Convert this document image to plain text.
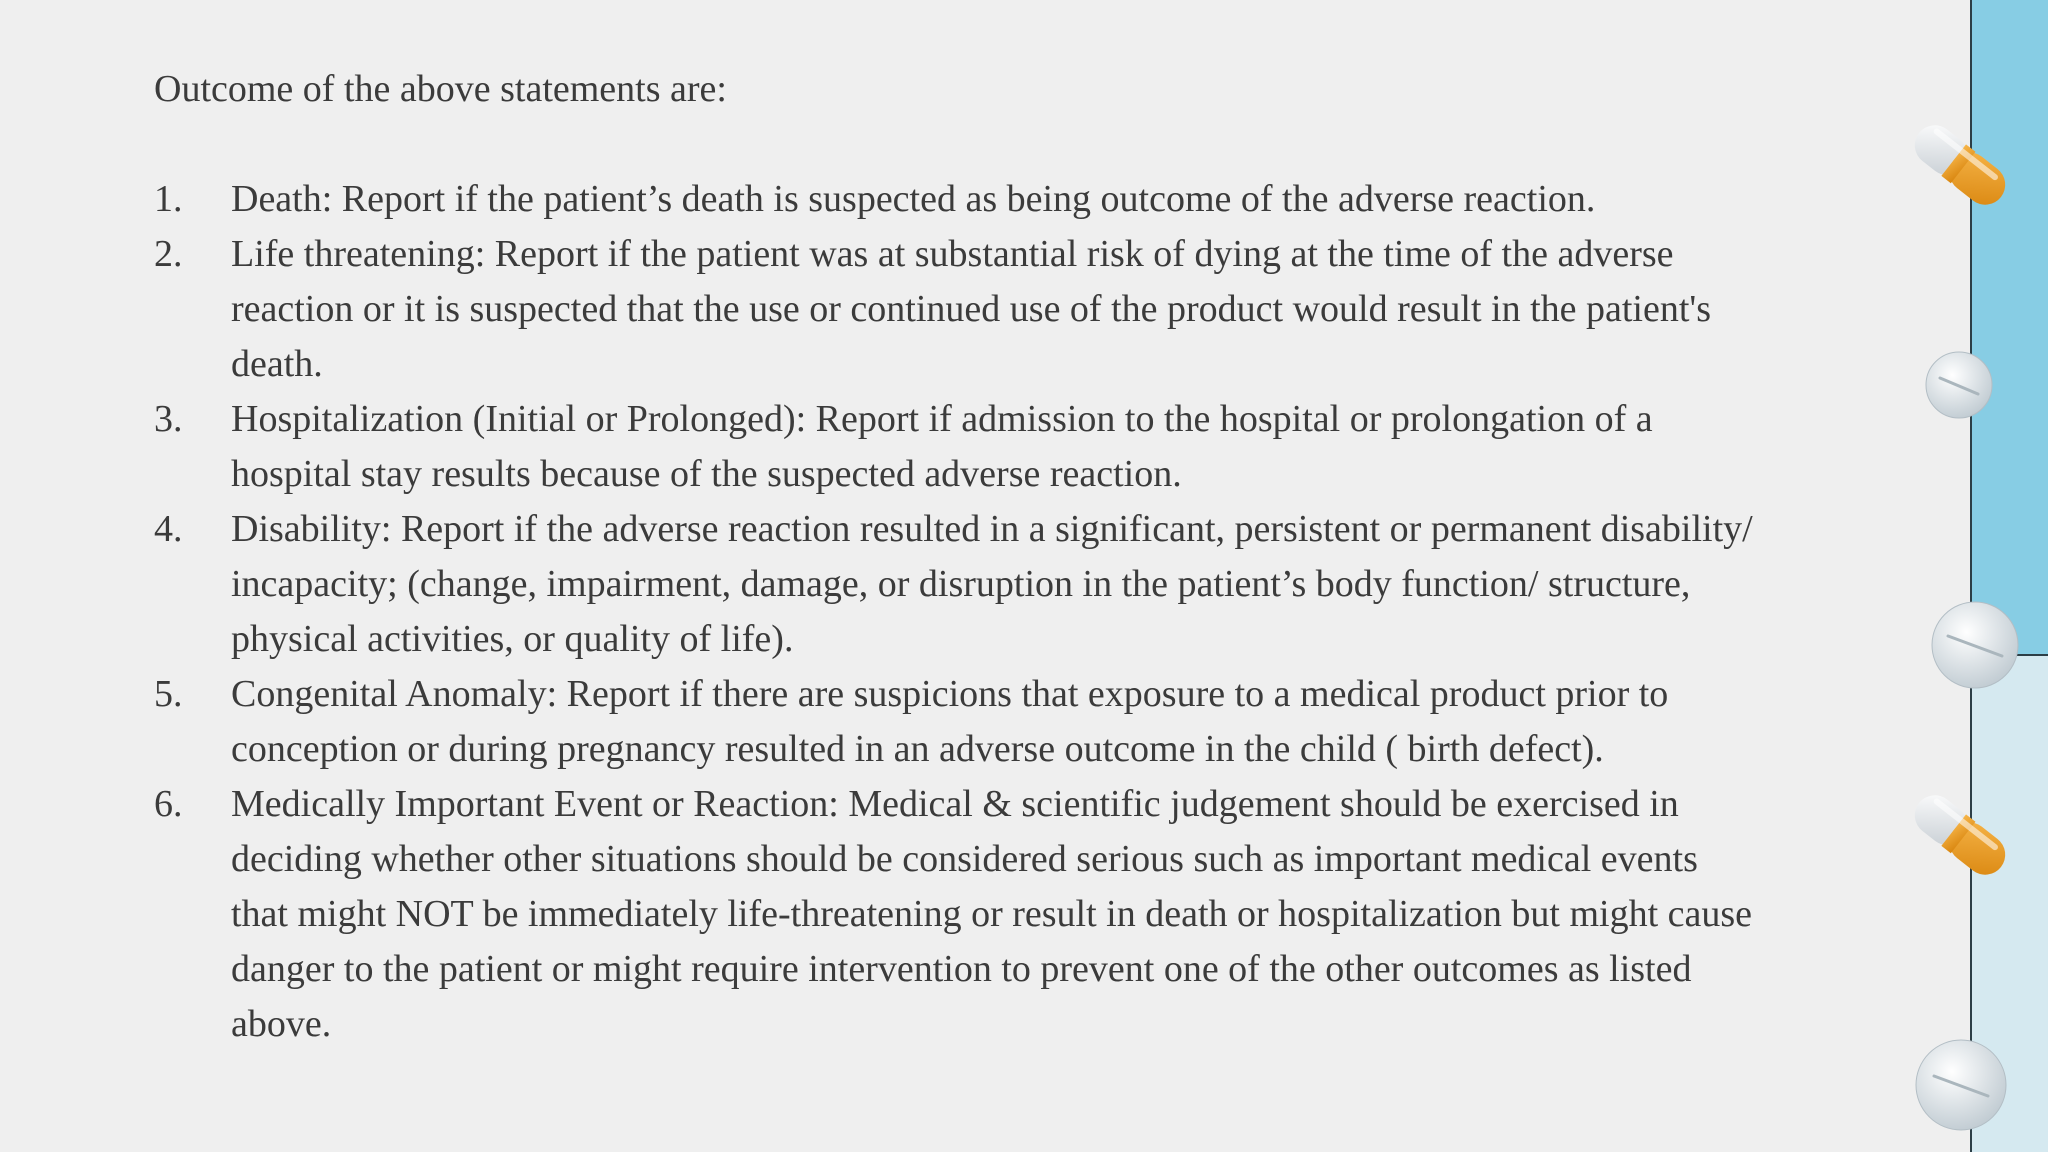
Outcome of the above statements are:

1. Death: Report if the patient’s death is suspected as being outcome of the adverse reaction.
2. Life threatening: Report if the patient was at substantial risk of dying at the time of the adverse reaction or it is suspected that the use or continued use of the product would result in the patient's death.
3. Hospitalization (Initial or Prolonged): Report if admission to the hospital or prolongation of a hospital stay results because of the suspected adverse reaction.
4. Disability: Report if the adverse reaction resulted in a significant, persistent or permanent disability/ incapacity; (change, impairment, damage, or disruption in the patient’s body function/ structure, physical activities, or quality of life).
5. Congenital Anomaly: Report if there are suspicions that exposure to a medical product prior to conception or during pregnancy resulted in an adverse outcome in the child ( birth defect).
6. Medically Important Event or Reaction: Medical & scientific judgement should be exercised in deciding whether other situations should be considered serious such as important medical events that might NOT be immediately life-threatening or result in death or hospitalization but might cause danger to the patient or might require intervention to prevent one of the other outcomes as listed above.
